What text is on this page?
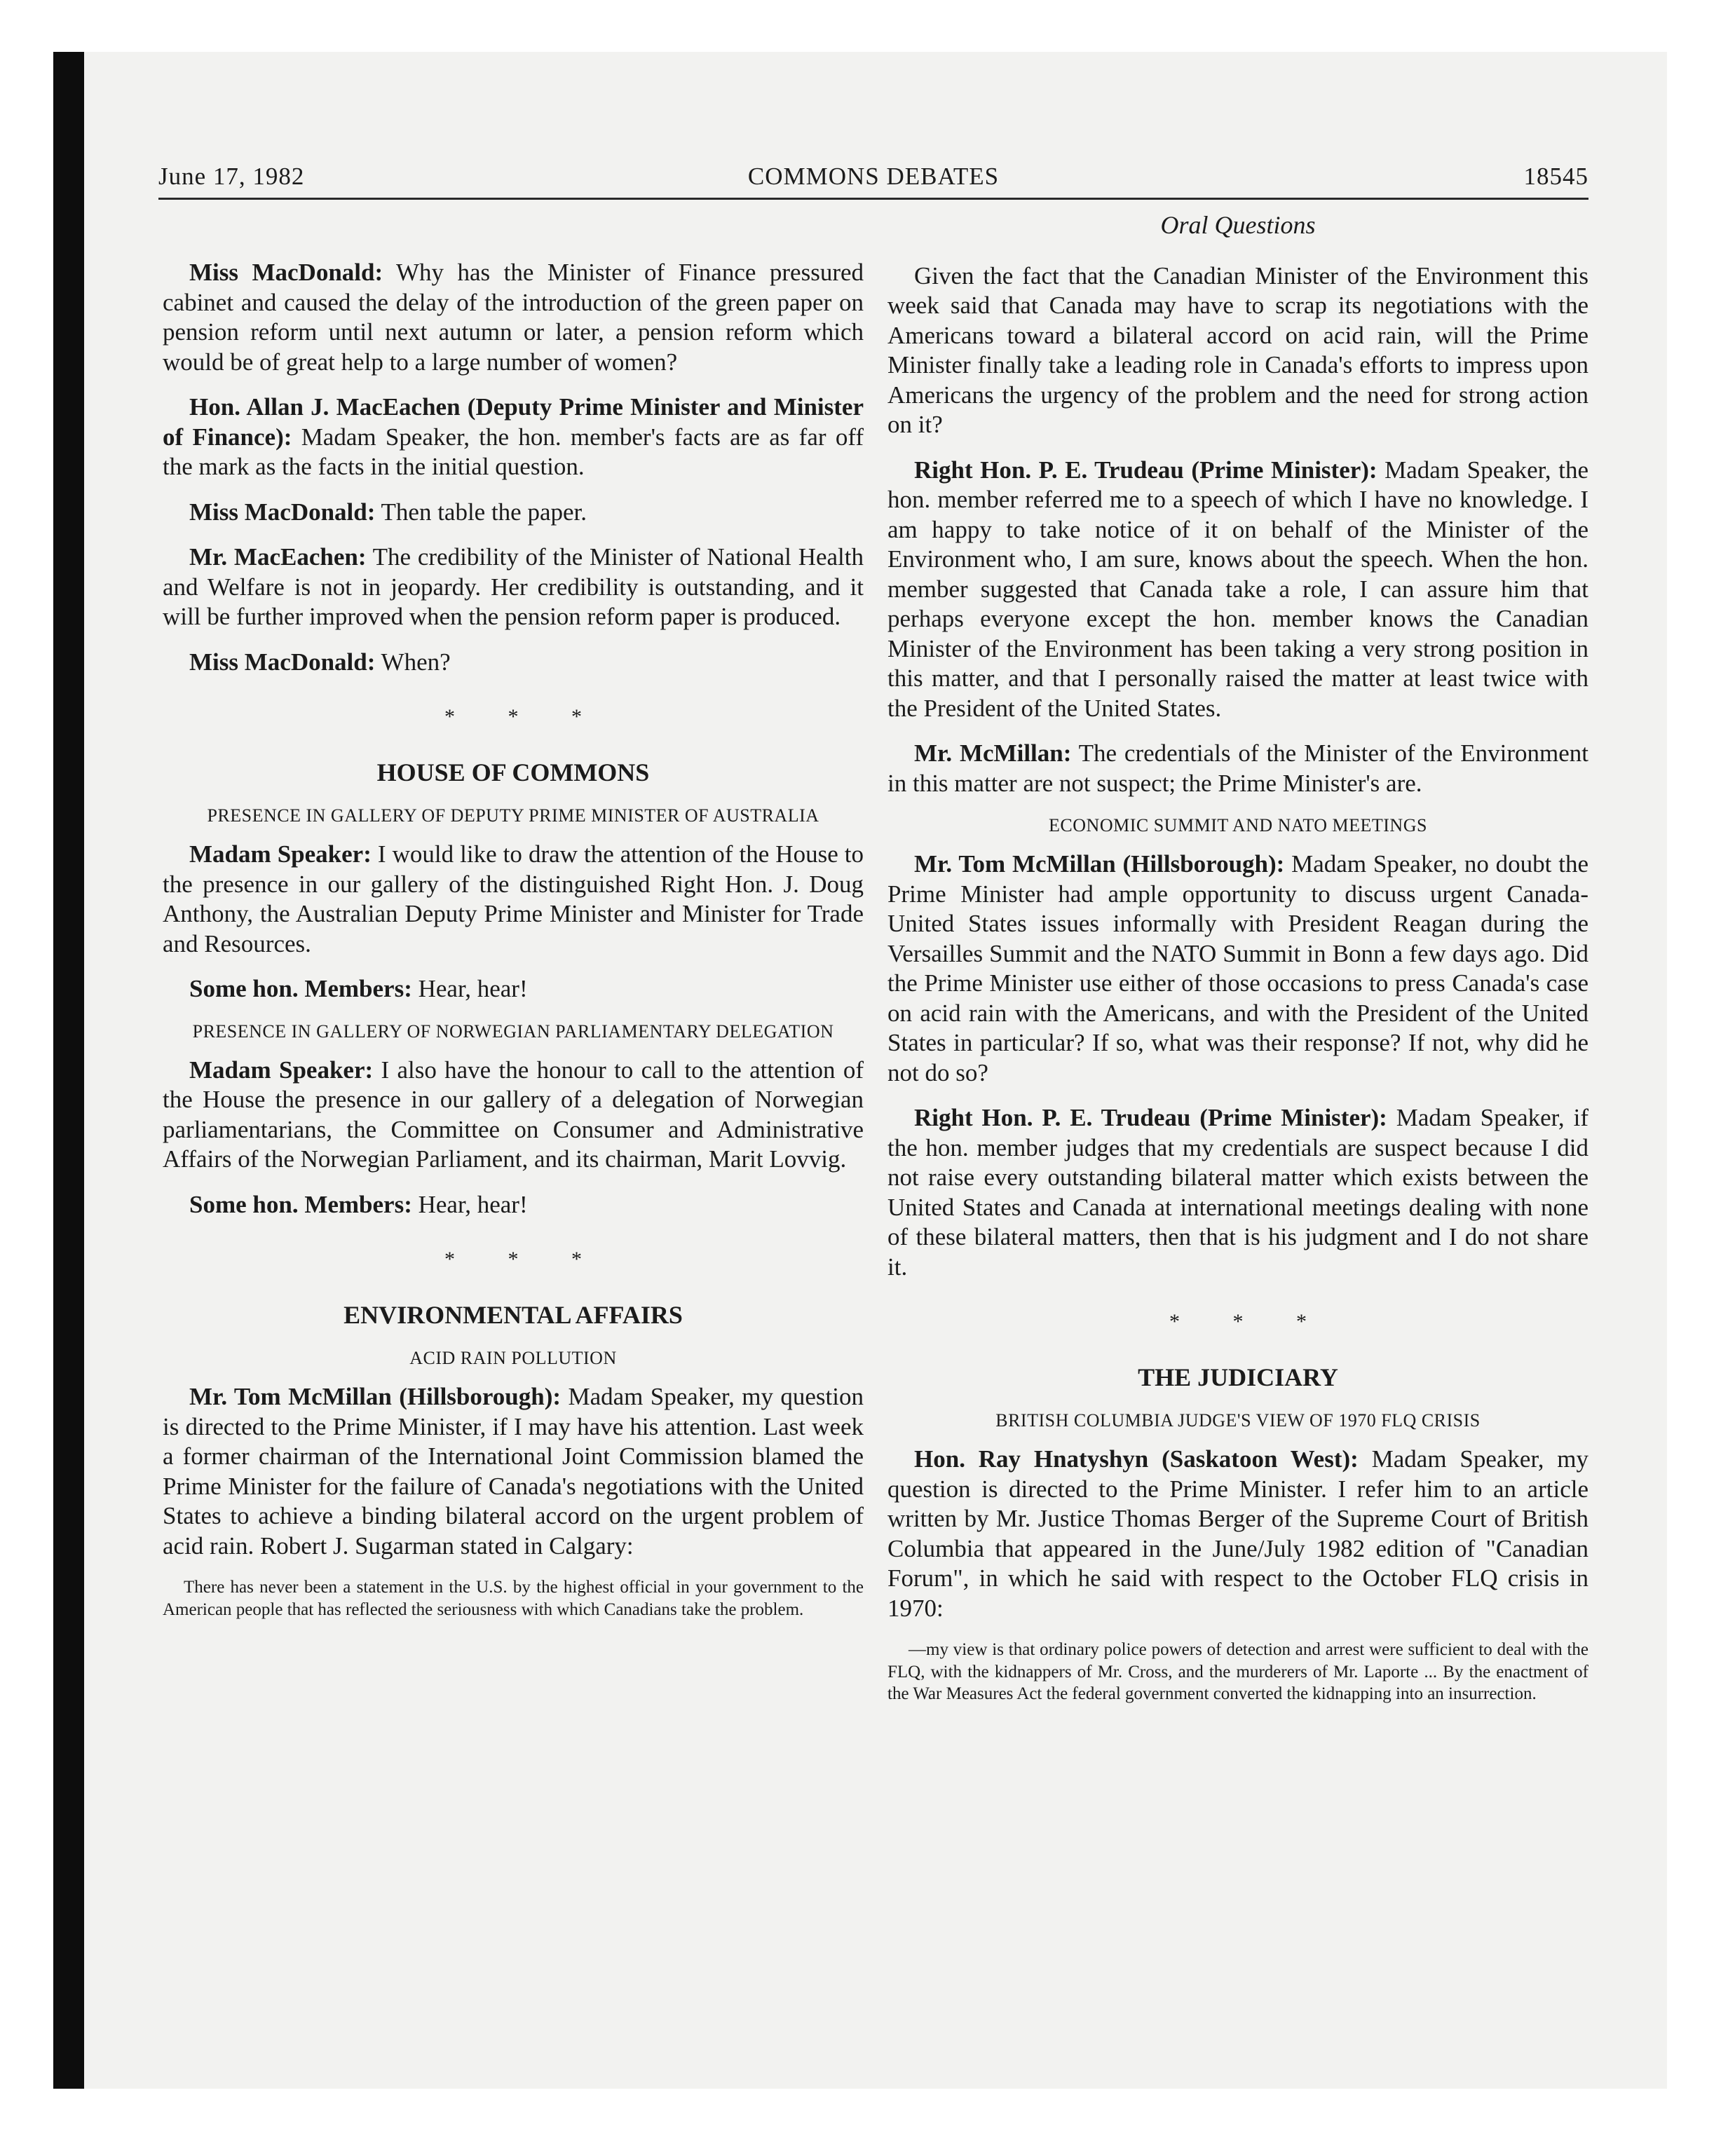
June 17, 1982	COMMONS DEBATES	18545

Miss MacDonald: Why has the Minister of Finance pressured cabinet and caused the delay of the introduction of the green paper on pension reform until next autumn or later, a pension reform which would be of great help to a large number of women?

Hon. Allan J. MacEachen (Deputy Prime Minister and Minister of Finance): Madam Speaker, the hon. member's facts are as far off the mark as the facts in the initial question.

Miss MacDonald: Then table the paper.

Mr. MacEachen: The credibility of the Minister of National Health and Welfare is not in jeopardy. Her credibility is outstanding, and it will be further improved when the pension reform paper is produced.

Miss MacDonald: When?

* * *
HOUSE OF COMMONS
PRESENCE IN GALLERY OF DEPUTY PRIME MINISTER OF AUSTRALIA

Madam Speaker: I would like to draw the attention of the House to the presence in our gallery of the distinguished Right Hon. J. Doug Anthony, the Australian Deputy Prime Minister and Minister for Trade and Resources.

Some hon. Members: Hear, hear!

PRESENCE IN GALLERY OF NORWEGIAN PARLIAMENTARY DELEGATION

Madam Speaker: I also have the honour to call to the attention of the House the presence in our gallery of a delegation of Norwegian parliamentarians, the Committee on Consumer and Administrative Affairs of the Norwegian Parliament, and its chairman, Marit Lovvig.

Some hon. Members: Hear, hear!

* * *
ENVIRONMENTAL AFFAIRS
ACID RAIN POLLUTION

Mr. Tom McMillan (Hillsborough): Madam Speaker, my question is directed to the Prime Minister, if I may have his attention. Last week a former chairman of the International Joint Commission blamed the Prime Minister for the failure of Canada's negotiations with the United States to achieve a binding bilateral accord on the urgent problem of acid rain. Robert J. Sugarman stated in Calgary:

There has never been a statement in the U.S. by the highest official in your government to the American people that has reflected the seriousness with which Canadians take the problem.

Oral Questions

Given the fact that the Canadian Minister of the Environment this week said that Canada may have to scrap its negotiations with the Americans toward a bilateral accord on acid rain, will the Prime Minister finally take a leading role in Canada's efforts to impress upon Americans the urgency of the problem and the need for strong action on it?

Right Hon. P. E. Trudeau (Prime Minister): Madam Speaker, the hon. member referred me to a speech of which I have no knowledge. I am happy to take notice of it on behalf of the Minister of the Environment who, I am sure, knows about the speech. When the hon. member suggested that Canada take a role, I can assure him that perhaps everyone except the hon. member knows the Canadian Minister of the Environment has been taking a very strong position in this matter, and that I personally raised the matter at least twice with the President of the United States.

Mr. McMillan: The credentials of the Minister of the Environment in this matter are not suspect; the Prime Minister's are.

ECONOMIC SUMMIT AND NATO MEETINGS

Mr. Tom McMillan (Hillsborough): Madam Speaker, no doubt the Prime Minister had ample opportunity to discuss urgent Canada-United States issues informally with President Reagan during the Versailles Summit and the NATO Summit in Bonn a few days ago. Did the Prime Minister use either of those occasions to press Canada's case on acid rain with the Americans, and with the President of the United States in particular? If so, what was their response? If not, why did he not do so?

Right Hon. P. E. Trudeau (Prime Minister): Madam Speaker, if the hon. member judges that my credentials are suspect because I did not raise every outstanding bilateral matter which exists between the United States and Canada at international meetings dealing with none of these bilateral matters, then that is his judgment and I do not share it.

* * *
THE JUDICIARY
BRITISH COLUMBIA JUDGE'S VIEW OF 1970 FLQ CRISIS

Hon. Ray Hnatyshyn (Saskatoon West): Madam Speaker, my question is directed to the Prime Minister. I refer him to an article written by Mr. Justice Thomas Berger of the Supreme Court of British Columbia that appeared in the June/July 1982 edition of "Canadian Forum", in which he said with respect to the October FLQ crisis in 1970:

—my view is that ordinary police powers of detection and arrest were sufficient to deal with the FLQ, with the kidnappers of Mr. Cross, and the murderers of Mr. Laporte ... By the enactment of the War Measures Act the federal government converted the kidnapping into an insurrection.
